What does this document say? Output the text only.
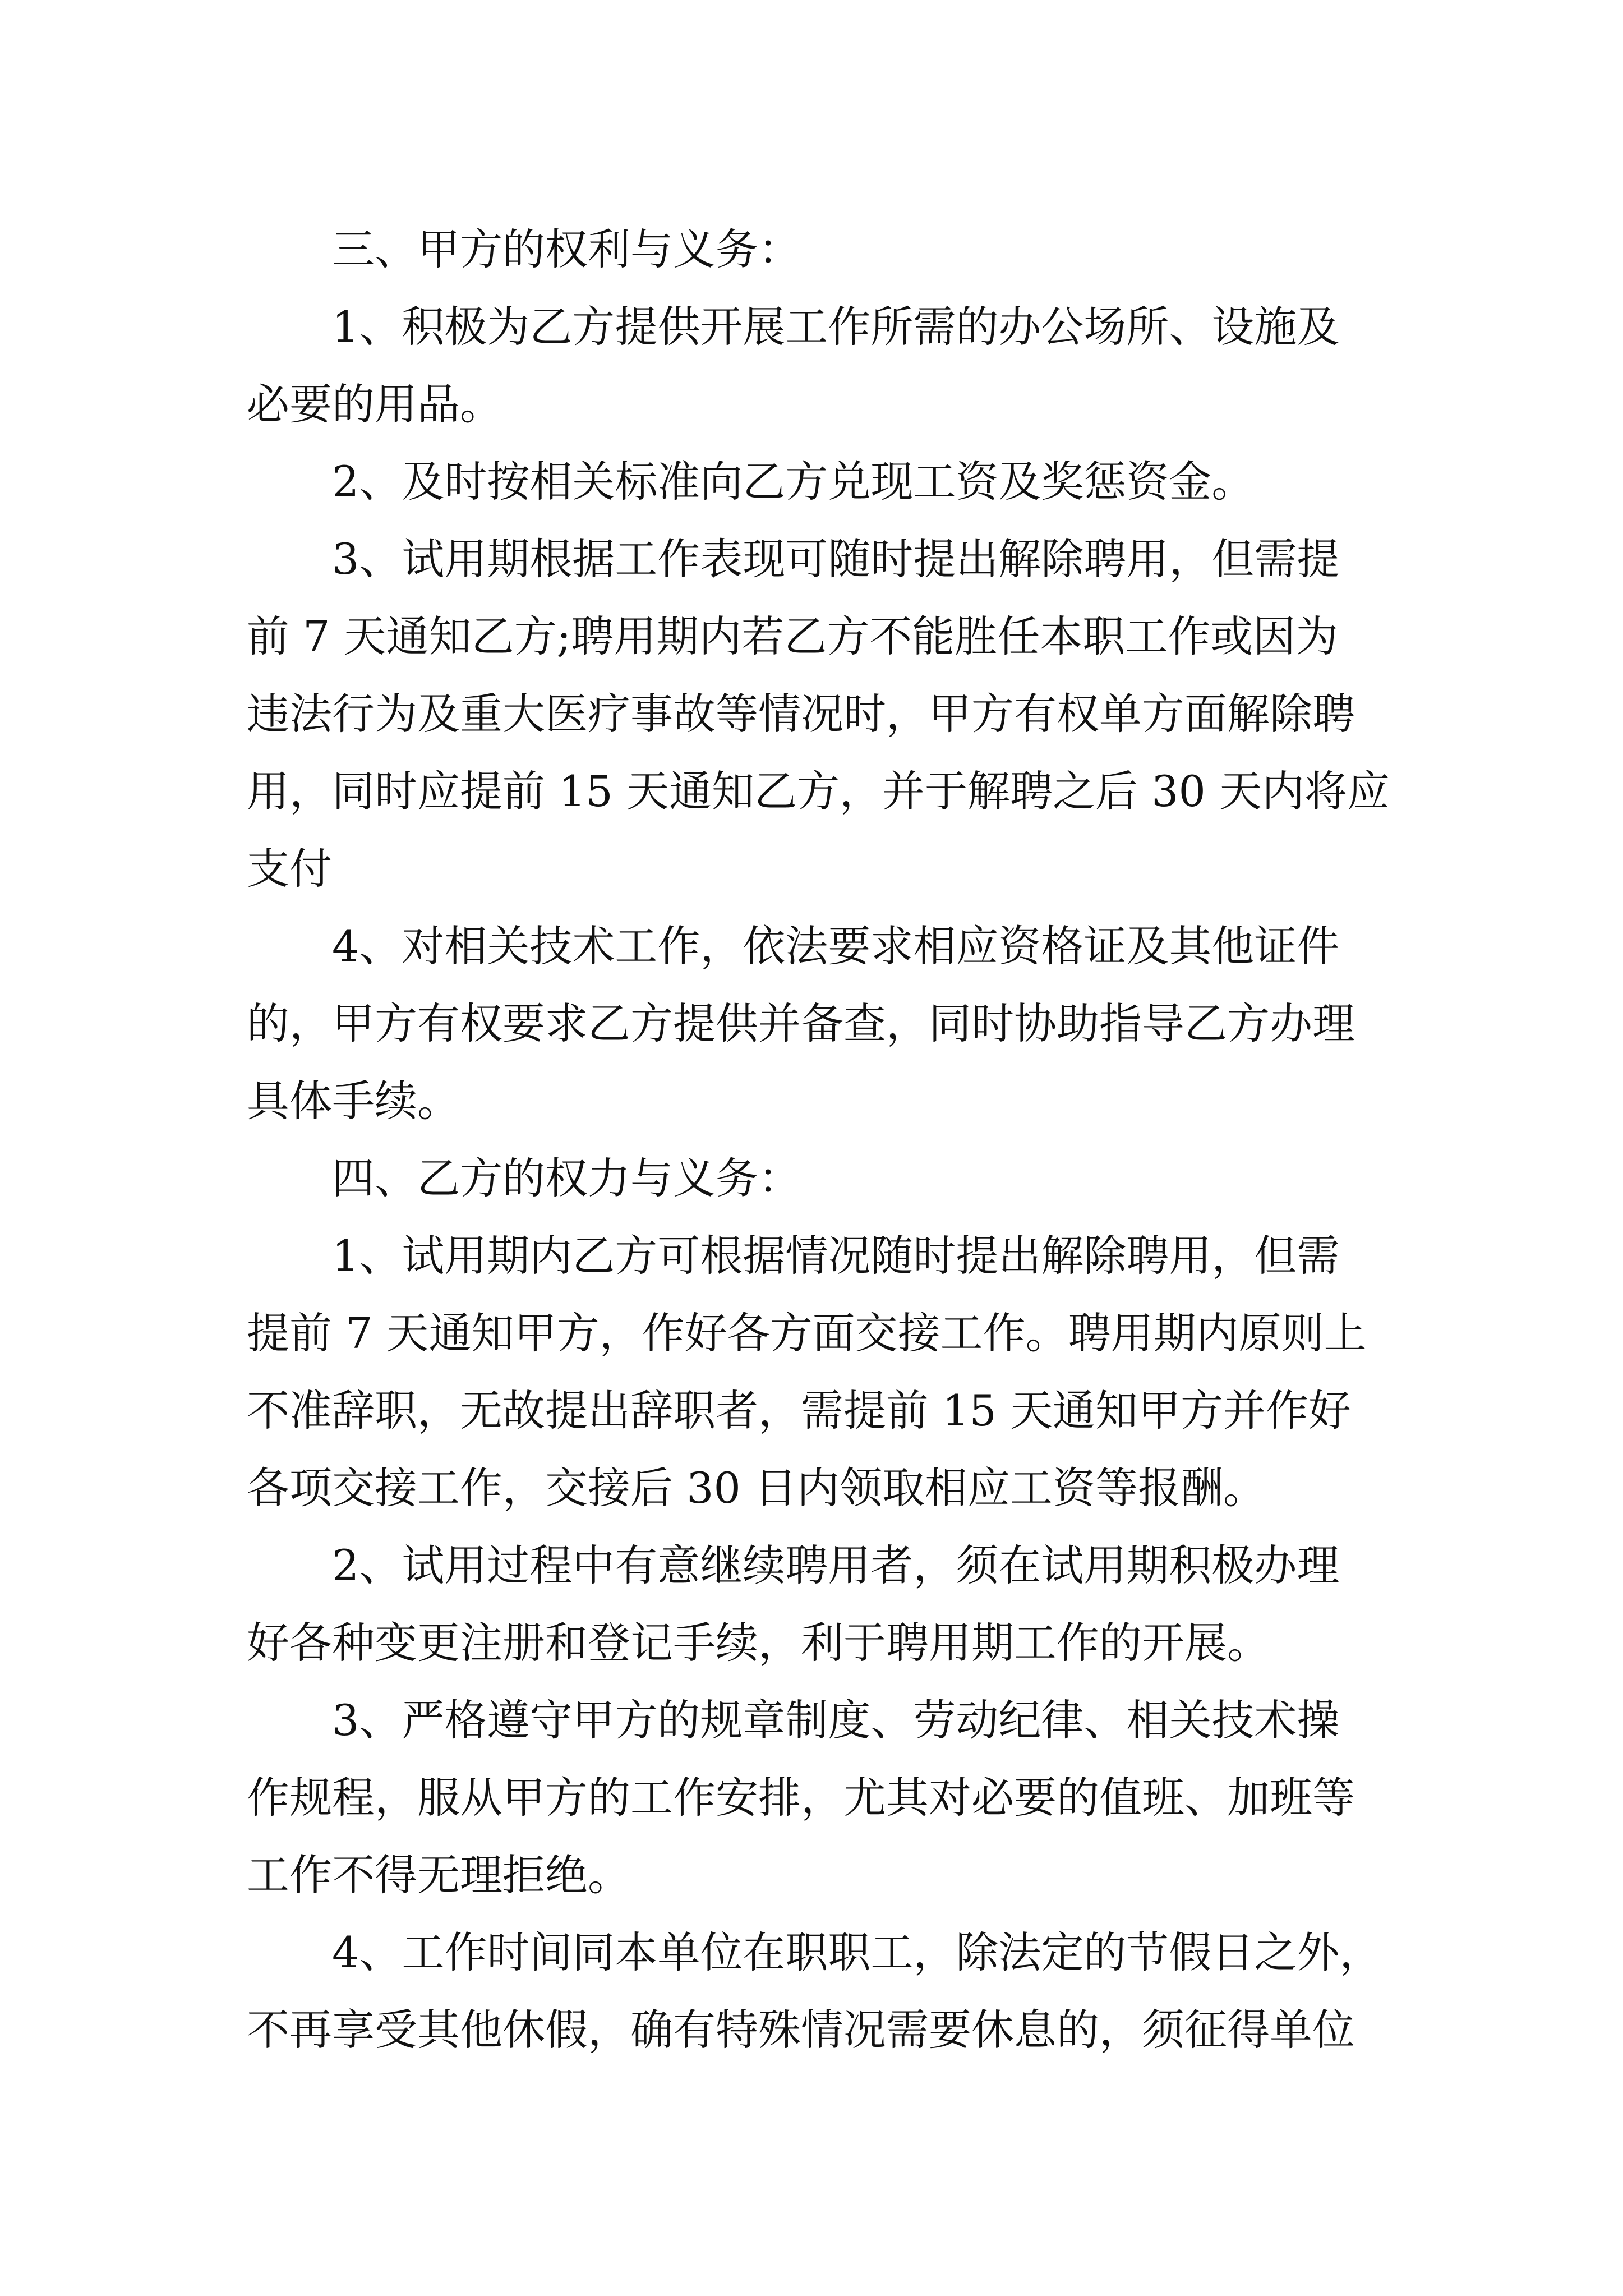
三、甲方的权利与义务：
1、积极为乙方提供开展工作所需的办公场所、设施及
必要的用品。
2、及时按相关标准向乙方兑现工资及奖惩资金。
3、试用期根据工作表现可随时提出解除聘用，但需提
前 7 天通知乙方;聘用期内若乙方不能胜任本职工作或因为
违法行为及重大医疗事故等情况时，甲方有权单方面解除聘
用，同时应提前 15 天通知乙方，并于解聘之后 30 天内将应
支付
4、对相关技术工作，依法要求相应资格证及其他证件
的，甲方有权要求乙方提供并备查，同时协助指导乙方办理
具体手续。
四、乙方的权力与义务：
1、试用期内乙方可根据情况随时提出解除聘用，但需
提前 7 天通知甲方，作好各方面交接工作。聘用期内原则上
不准辞职，无故提出辞职者，需提前 15 天通知甲方并作好
各项交接工作，交接后 30 日内领取相应工资等报酬。
2、试用过程中有意继续聘用者，须在试用期积极办理
好各种变更注册和登记手续，利于聘用期工作的开展。
3、严格遵守甲方的规章制度、劳动纪律、相关技术操
作规程，服从甲方的工作安排，尤其对必要的值班、加班等
工作不得无理拒绝。
4、工作时间同本单位在职职工，除法定的节假日之外，
不再享受其他休假，确有特殊情况需要休息的，须征得单位
